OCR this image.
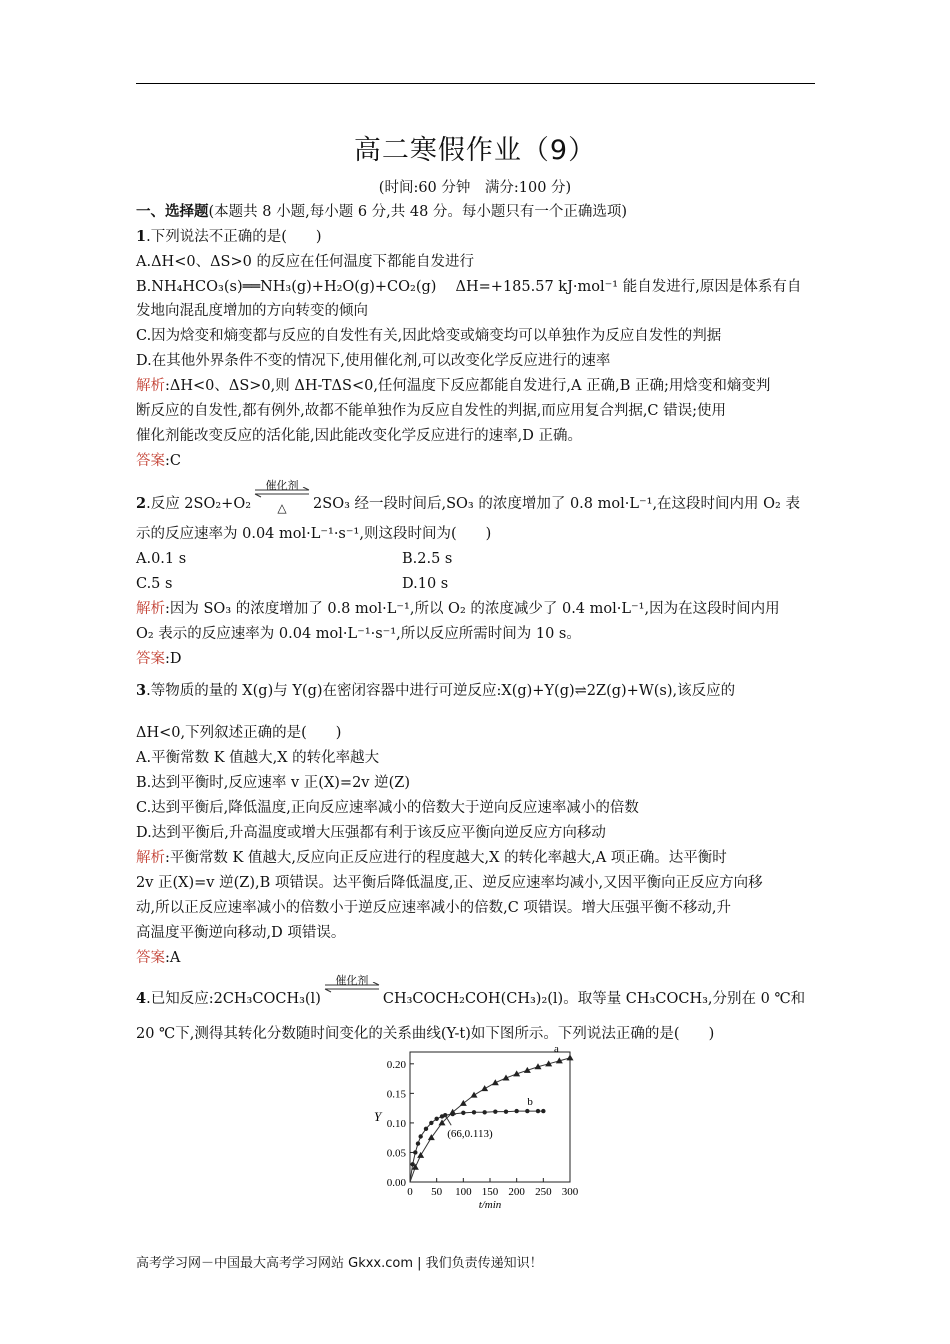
高二寒假作业（9）
(时间:60 分钟　满分:100 分)
一、选择题(本题共 8 小题,每小题 6 分,共 48 分。每小题只有一个正确选项)
1.下列说法不正确的是(　　)
A.ΔH<0、ΔS>0 的反应在任何温度下都能自发进行
B.NH₄HCO₃(s)══NH₃(g)+H₂O(g)+CO₂(g)　 ΔH=+185.57 kJ·mol⁻¹ 能自发进行,原因是体系有自
发地向混乱度增加的方向转变的倾向
C.因为焓变和熵变都与反应的自发性有关,因此焓变或熵变均可以单独作为反应自发性的判据
D.在其他外界条件不变的情况下,使用催化剂,可以改变化学反应进行的速率
解析:ΔH<0、ΔS>0,则 ΔH-TΔS<0,任何温度下反应都能自发进行,A 正确,B 正确;用焓变和熵变判
断反应的自发性,都有例外,故都不能单独作为反应自发性的判据,而应用复合判据,C 错误;使用
催化剂能改变反应的活化能,因此能改变化学反应进行的速率,D 正确。
答案:C
2.反应 2SO₂+O₂
催化剂
△	2SO₃ 经一段时间后,SO₃ 的浓度增加了 0.8 mol·L⁻¹,在这段时间内用 O₂ 表
示的反应速率为 0.04 mol·L⁻¹·s⁻¹,则这段时间为(　　)
A.0.1 s	B.2.5 s
C.5 s	D.10 s
解析:因为 SO₃ 的浓度增加了 0.8 mol·L⁻¹,所以 O₂ 的浓度减少了 0.4 mol·L⁻¹,因为在这段时间内用
O₂ 表示的反应速率为 0.04 mol·L⁻¹·s⁻¹,所以反应所需时间为 10 s。
答案:D
3.等物质的量的 X(g)与 Y(g)在密闭容器中进行可逆反应:X(g)+Y(g)⇌2Z(g)+W(s),该反应的
ΔH<0,下列叙述正确的是(　　)
A.平衡常数 K 值越大,X 的转化率越大
B.达到平衡时,反应速率 v 正(X)=2v 逆(Z)
C.达到平衡后,降低温度,正向反应速率减小的倍数大于逆向反应速率减小的倍数
D.达到平衡后,升高温度或增大压强都有利于该反应平衡向逆反应方向移动
解析:平衡常数 K 值越大,反应向正反应进行的程度越大,X 的转化率越大,A 项正确。达平衡时
2v 正(X)=v 逆(Z),B 项错误。达平衡后降低温度,正、逆反应速率均减小,又因平衡向正反应方向移
动,所以正反应速率减小的倍数小于逆反应速率减小的倍数,C 项错误。增大压强平衡不移动,升
高温度平衡逆向移动,D 项错误。
答案:A
4.已知反应:2CH₃COCH₃(l)
催化剂
CH₃COCH₂COH(CH₃)₂(l)。取等量 CH₃COCH₃,分别在 0 ℃和
20 ℃下,测得其转化分数随时间变化的关系曲线(Y-t)如下图所示。下列说法正确的是(　　)
0 50 100 150 200 250 300
0.00
0.05
0.10
0.15
0.20
t/min
Y
a
b
(66,0.113)
高考学习网－中国最大高考学习网站 Gkxx.com | 我们负责传递知识！
